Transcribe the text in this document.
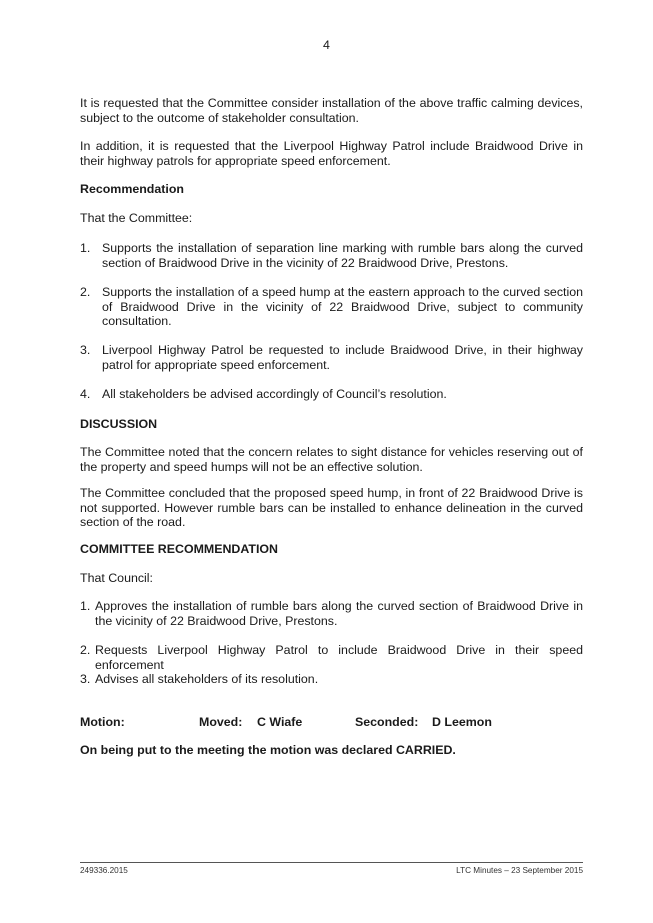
4
It is requested that the Committee consider installation of the above traffic calming devices, subject to the outcome of stakeholder consultation.
In addition, it is requested that the Liverpool Highway Patrol include Braidwood Drive in their highway patrols for appropriate speed enforcement.
Recommendation
That the Committee:
1. Supports the installation of separation line marking with rumble bars along the curved section of Braidwood Drive in the vicinity of 22 Braidwood Drive, Prestons.
2. Supports the installation of a speed hump at the eastern approach to the curved section of Braidwood Drive in the vicinity of 22 Braidwood Drive, subject to community consultation.
3. Liverpool Highway Patrol be requested to include Braidwood Drive, in their highway patrol for appropriate speed enforcement.
4. All stakeholders be advised accordingly of Council’s resolution.
DISCUSSION
The Committee noted that the concern relates to sight distance for vehicles reserving out of the property and speed humps will not be an effective solution.
The Committee concluded that the proposed speed hump, in front of 22 Braidwood Drive is not supported. However rumble bars can be installed to enhance delineation in the curved section of the road.
COMMITTEE RECOMMENDATION
That Council:
1. Approves the installation of rumble bars along the curved section of Braidwood Drive in the vicinity of 22 Braidwood Drive, Prestons.
2. Requests Liverpool Highway Patrol to include Braidwood Drive in their speed enforcement
3. Advises all stakeholders of its resolution.
Motion:	Moved: C Wiafe	Seconded: D Leemon
On being put to the meeting the motion was declared CARRIED.
249336.2015	LTC Minutes – 23 September 2015
